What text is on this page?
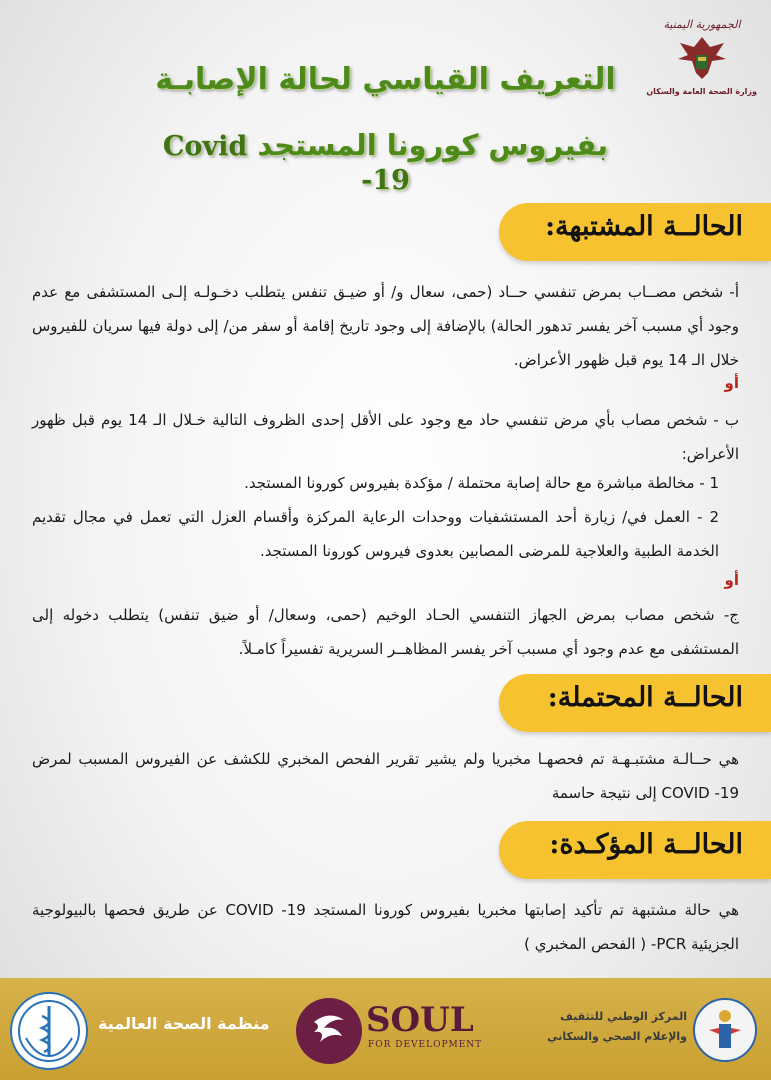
الجمهورية اليمنية
وزارة الصحة العامة والسكان
التعريف القياسي لحالة الإصابـة
بفيروس كورونا المستجد Covid -19
الحالــة المشتبهة:
أ- شخص مصــاب بمرض تنفسي حــاد (حمى، سعال و/ أو ضيـق تنفس يتطلب دخـولـه إلـى المستشفى مع عدم وجود أي مسبب آخر يفسر تدهور الحالة) بالإضافة إلى وجود تاريخ إقامة أو سفر من/ إلى دولة فيها سريان للفيروس خلال الـ 14 يوم قبل ظهور الأعراض.
أو
ب - شخص مصاب بأي مرض تنفسي حاد مع وجود على الأقل إحدى الظروف التالية خـلال الـ 14 يوم قبل ظهور الأعراض:
1 - مخالطة مباشرة مع حالة إصابة محتملة / مؤكدة بفيروس كورونا المستجد.
2 - العمل في/ زيارة أحد المستشفيات ووحدات الرعاية المركزة وأقسام العزل التي تعمل في مجال تقديم الخدمة الطبية والعلاجية للمرضى المصابين بعدوى فيروس كورونا المستجد.
أو
ج- شخص مصاب بمرض الجهاز التنفسي الحـاد الوخيم (حمى، وسعال/ أو ضيق تنفس) يتطلب دخوله إلى المستشفى مع عدم وجود أي مسبب آخر يفسر المظاهــر السريرية تفسيراً كامـلاً.
الحالــة المحتملة:
هي حــالـة مشتبـهـة تم فحصهـا مخبريا ولم يشير تقرير الفحص المخبري للكشف عن الفيروس المسبب لمرض COVID -19 إلى نتيجة حاسمة
الحالــة المؤكـدة:
هي حالة مشتبهة تم تأكيد إصابتها مخبريا بفيروس كورونا المستجد COVID -19 عن طريق فحصها بالبيولوجية الجزيئية PCR- ( الفحص المخبري )
منظمة الصحة العالمية	SOUL
FOR DEVELOPMENT
المركز الوطني للتثقيف
والإعلام الصحي والسكاني
